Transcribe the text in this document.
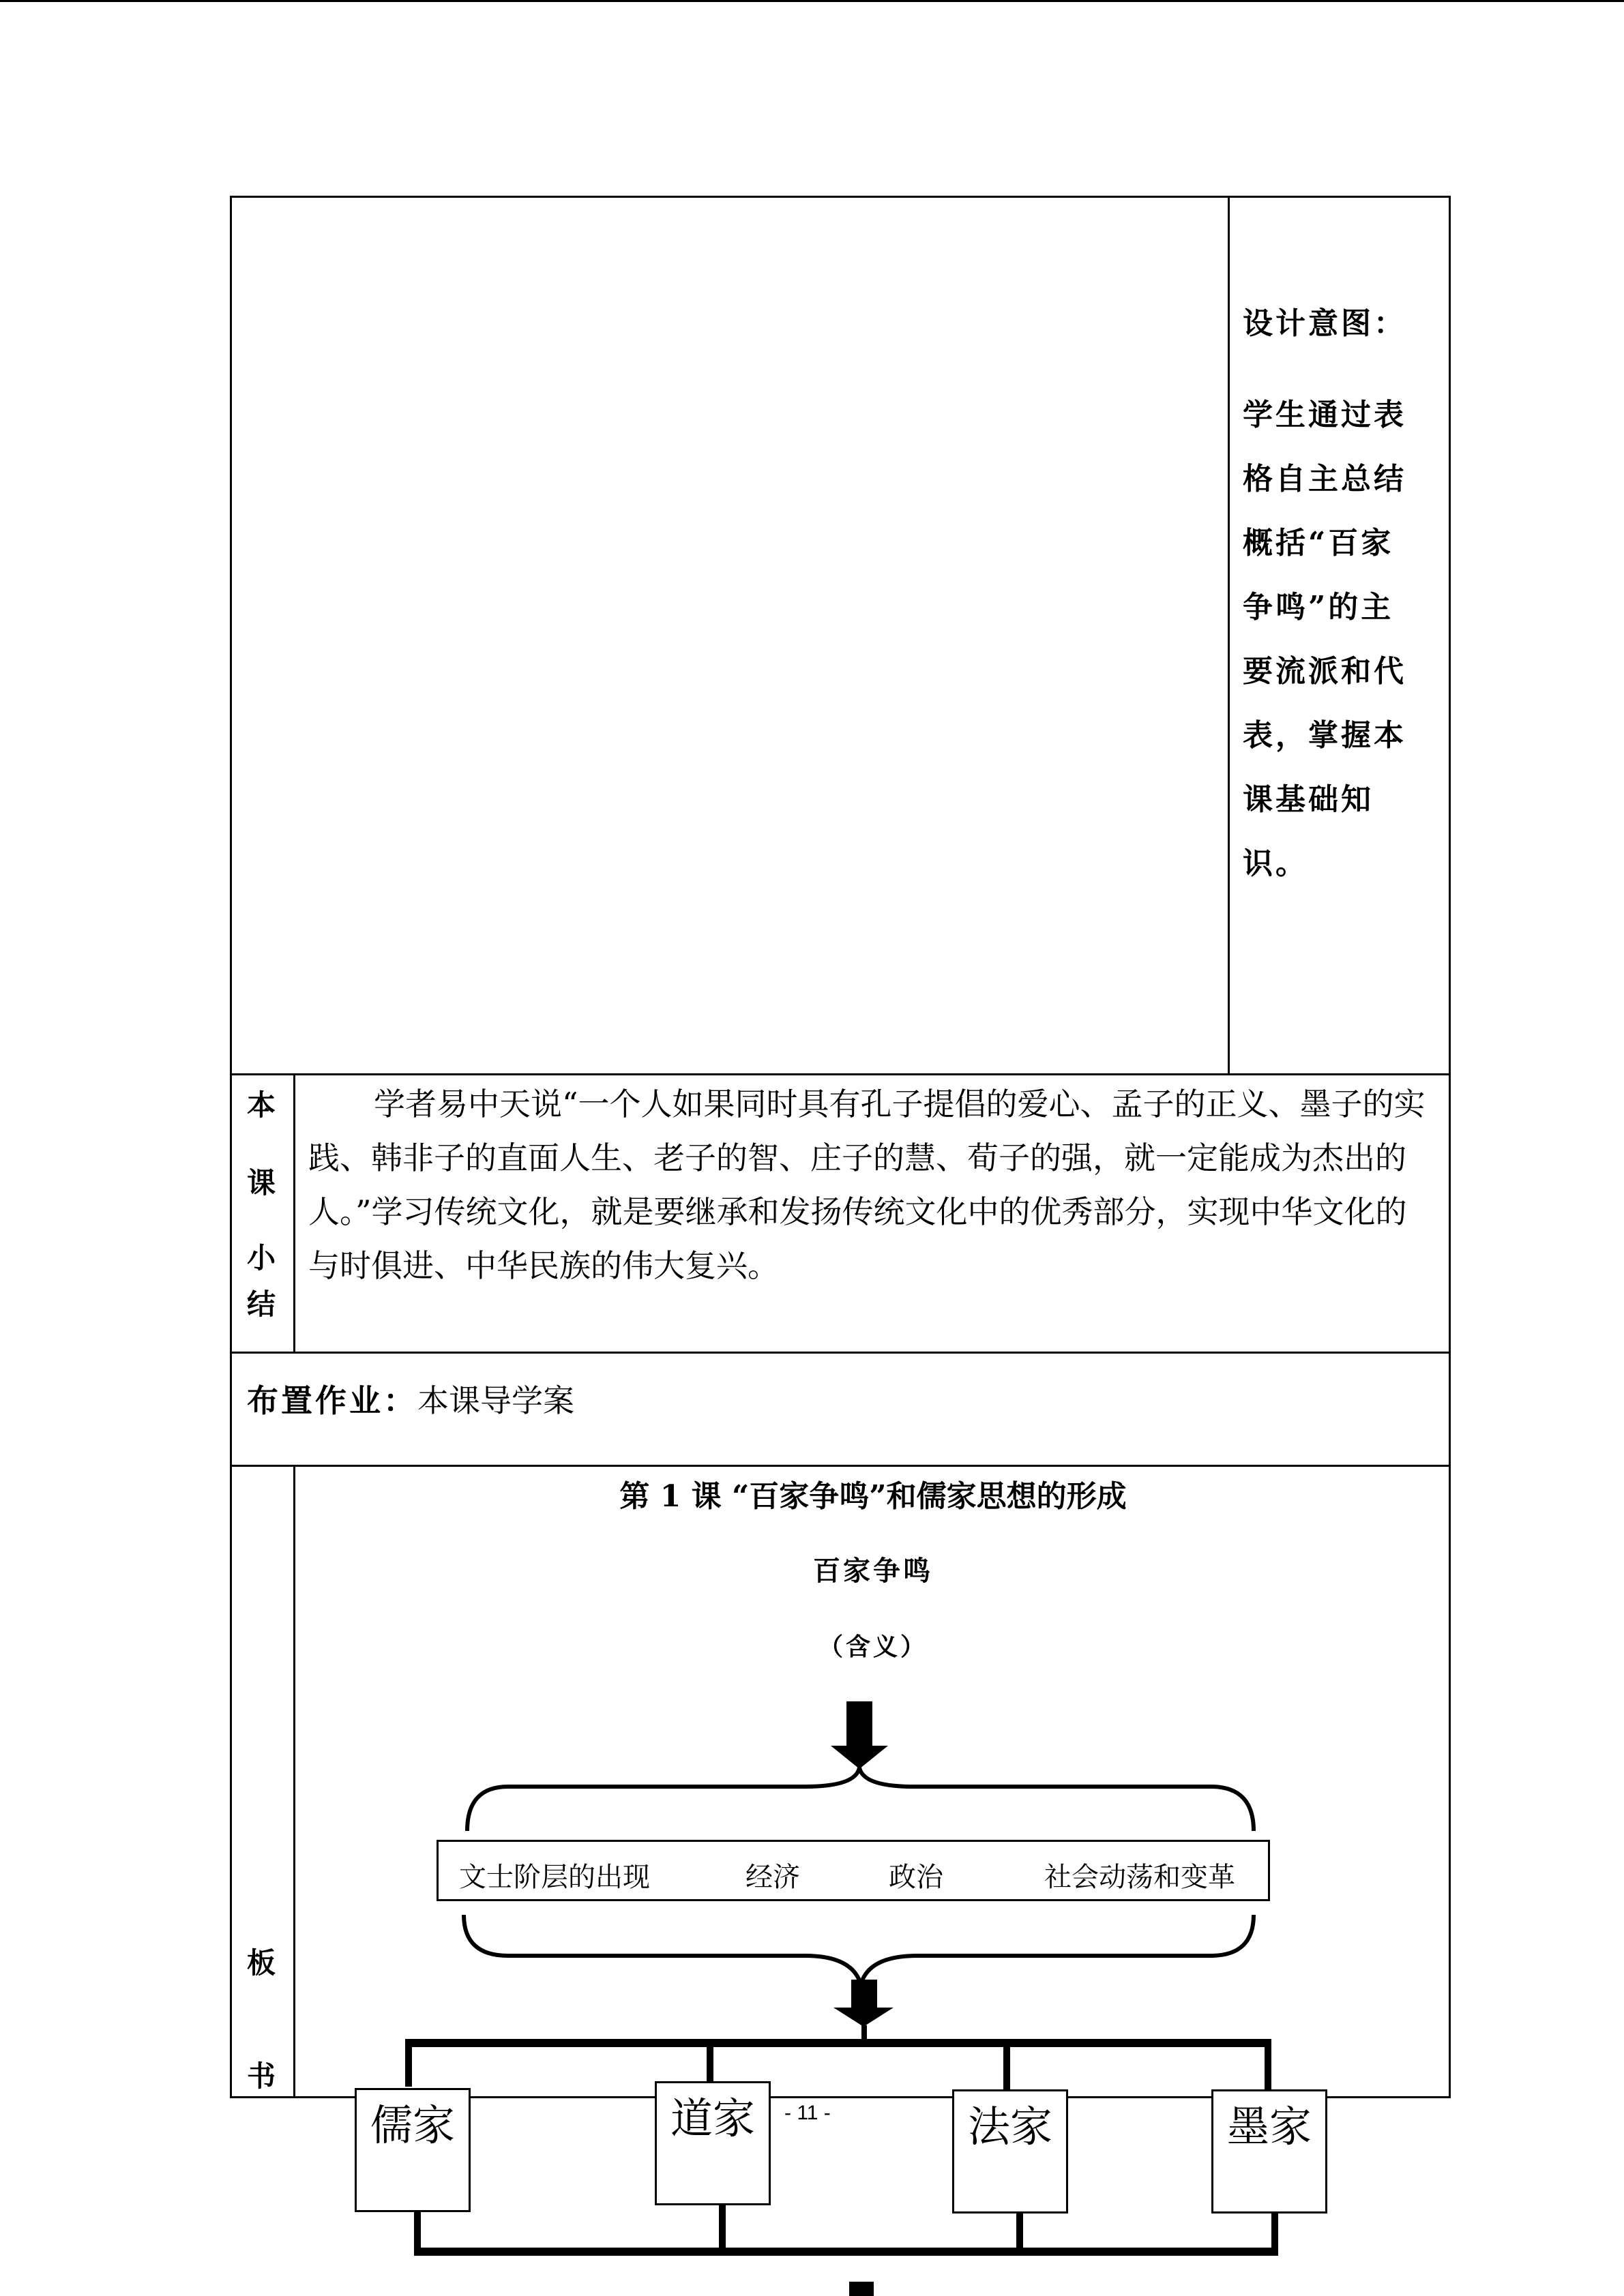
设计意图：
学生通过表
格自主总结
概括“百家
争鸣”的主
要流派和代
表，掌握本
课基础知
识。
本
课
小
结
学者易中天说“一个人如果同时具有孔子提倡的爱心、孟子的正义、墨子的实践、韩非子的直面人生、老子的智、庄子的慧、荀子的强，就一定能成为杰出的人。”学习传统文化，就是要继承和发扬传统文化中的优秀部分，实现中华文化的与时俱进、中华民族的伟大复兴。
布置作业：本课导学案
板
书
第 1 课 “百家争鸣”和儒家思想的形成
百家争鸣
（含义）
文士阶层的出现	经济	政治	社会动荡和变革
儒家	道家	法家	墨家
- 11 -
